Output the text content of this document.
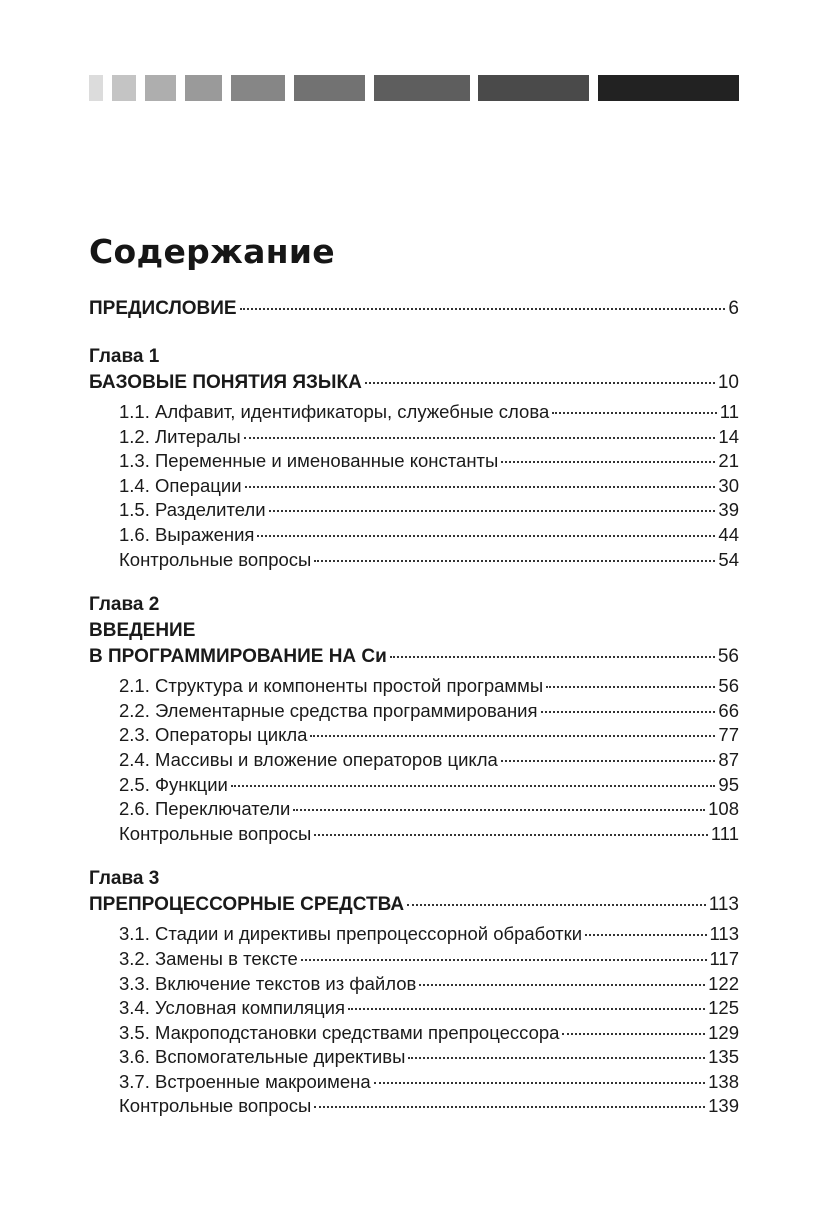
Содержание
ПРЕДИСЛОВИЕ	6
Глава 1
БАЗОВЫЕ ПОНЯТИЯ ЯЗЫКА	10
1.1. Алфавит, идентификаторы, служебные слова	11
1.2. Литералы	14
1.3. Переменные и именованные константы	21
1.4. Операции	30
1.5. Разделители	39
1.6. Выражения	44
Контрольные вопросы	54
Глава 2
ВВЕДЕНИЕ
В ПРОГРАММИРОВАНИЕ НА Си	56
2.1. Структура и компоненты простой программы	56
2.2. Элементарные средства программирования	66
2.3. Операторы цикла	77
2.4. Массивы и вложение операторов цикла	87
2.5. Функции	95
2.6. Переключатели	108
Контрольные вопросы	111
Глава 3
ПРЕПРОЦЕССОРНЫЕ СРЕДСТВА	113
3.1. Стадии и директивы препроцессорной обработки	113
3.2. Замены в тексте	117
3.3. Включение текстов из файлов	122
3.4. Условная компиляция	125
3.5. Макроподстановки средствами препроцессора	129
3.6. Вспомогательные директивы	135
3.7. Встроенные макроимена	138
Контрольные вопросы	139
